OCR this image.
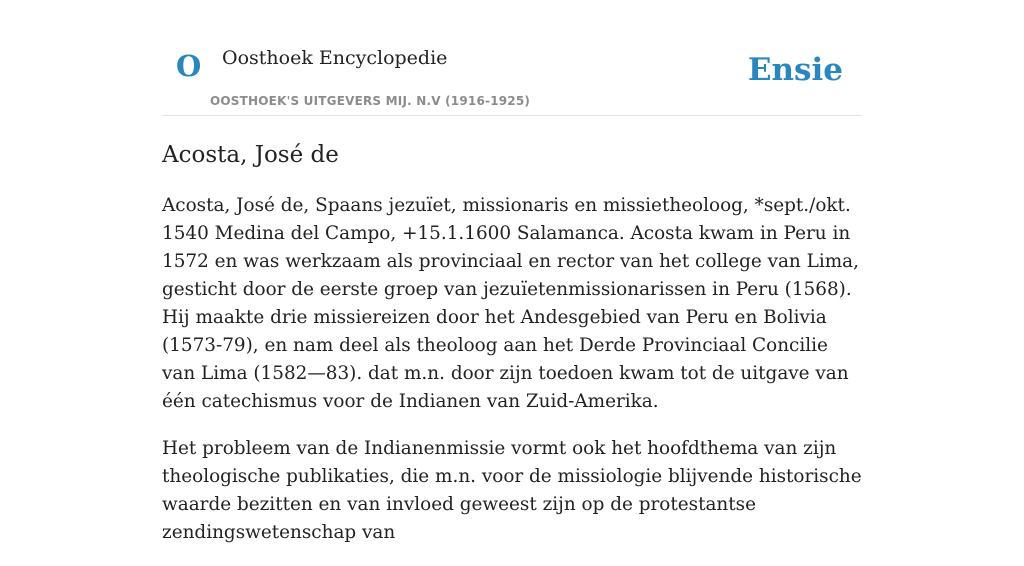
O Oosthoek Encyclopedie
OOSTHOEK'S UITGEVERS MIJ. N.V (1916-1925)
Ensie
Acosta, José de

Acosta, José de, Spaans jezuïet, missionaris en missietheoloog, *sept./okt. 1540 Medina del Campo, +15.1.1600 Salamanca. Acosta kwam in Peru in 1572 en was werkzaam als provinciaal en rector van het college van Lima, gesticht door de eerste groep van jezuïetenmissionarissen in Peru (1568). Hij maakte drie missiereizen door het Andesgebied van Peru en Bolivia (1573-79), en nam deel als theoloog aan het Derde Provinciaal Concilie van Lima (1582—83). dat m.n. door zijn toedoen kwam tot de uitgave van één catechismus voor de Indianen van Zuid-Amerika.

Het probleem van de Indianenmissie vormt ook het hoofdthema van zijn theologische publikaties, die m.n. voor de missiologie blijvende historische waarde bezitten en van invloed geweest zijn op de protestantse zendingswetenschap van
